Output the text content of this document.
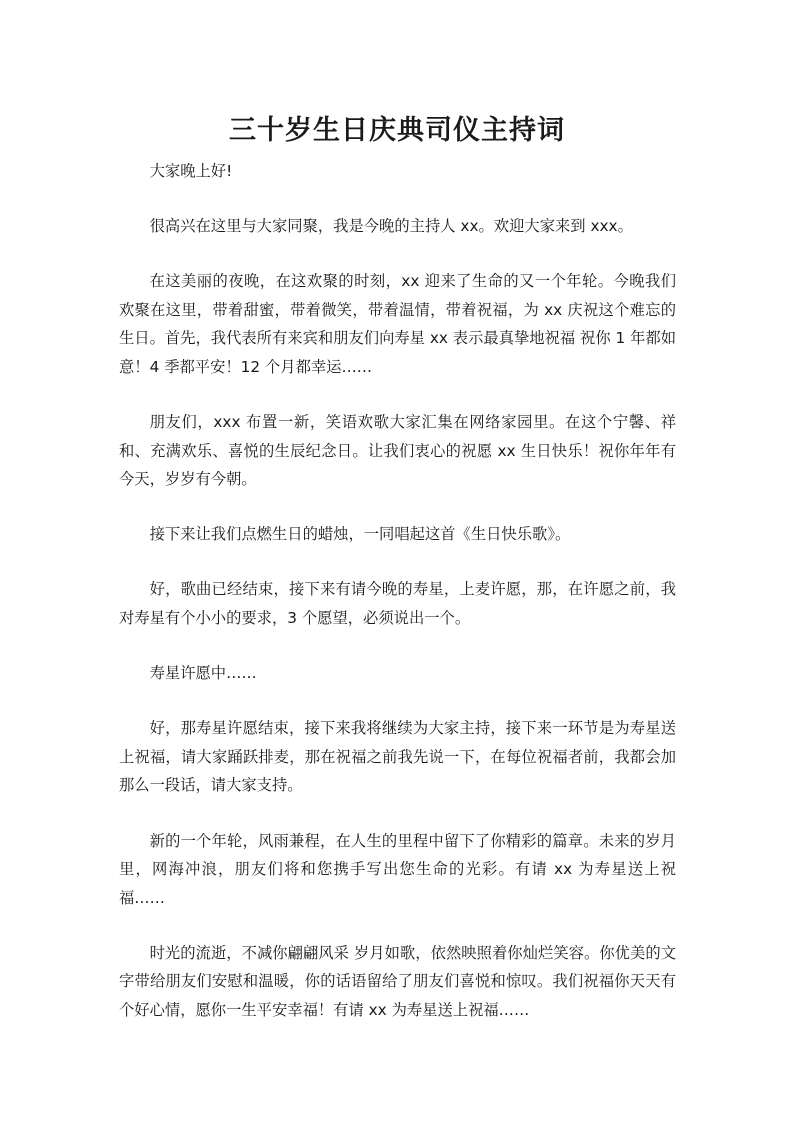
三十岁生日庆典司仪主持词

大家晚上好!

很高兴在这里与大家同聚，我是今晚的主持人 xx。欢迎大家来到 xxx。

在这美丽的夜晚，在这欢聚的时刻，xx 迎来了生命的又一个年轮。今晚我们欢聚在这里，带着甜蜜，带着微笑，带着温情，带着祝福，为 xx 庆祝这个难忘的生日。首先，我代表所有来宾和朋友们向寿星 xx 表示最真挚地祝福 祝你 1 年都如意！4 季都平安！12 个月都幸运……

朋友们，xxx 布置一新，笑语欢歌大家汇集在网络家园里。在这个宁馨、祥和、充满欢乐、喜悦的生辰纪念日。让我们衷心的祝愿 xx 生日快乐！祝你年年有今天，岁岁有今朝。

接下来让我们点燃生日的蜡烛，一同唱起这首《生日快乐歌》。

好，歌曲已经结束，接下来有请今晚的寿星，上麦许愿，那，在许愿之前，我对寿星有个小小的要求，3 个愿望，必须说出一个。

寿星许愿中……

好，那寿星许愿结束，接下来我将继续为大家主持，接下来一环节是为寿星送上祝福，请大家踊跃排麦，那在祝福之前我先说一下，在每位祝福者前，我都会加那么一段话，请大家支持。

新的一个年轮，风雨兼程，在人生的里程中留下了你精彩的篇章。未来的岁月里，网海冲浪，朋友们将和您携手写出您生命的光彩。有请 xx 为寿星送上祝福……

时光的流逝，不减你翩翩风采 岁月如歌，依然映照着你灿烂笑容。你优美的文字带给朋友们安慰和温暖，你的话语留给了朋友们喜悦和惊叹。我们祝福你天天有个好心情，愿你一生平安幸福！有请 xx 为寿星送上祝福……
